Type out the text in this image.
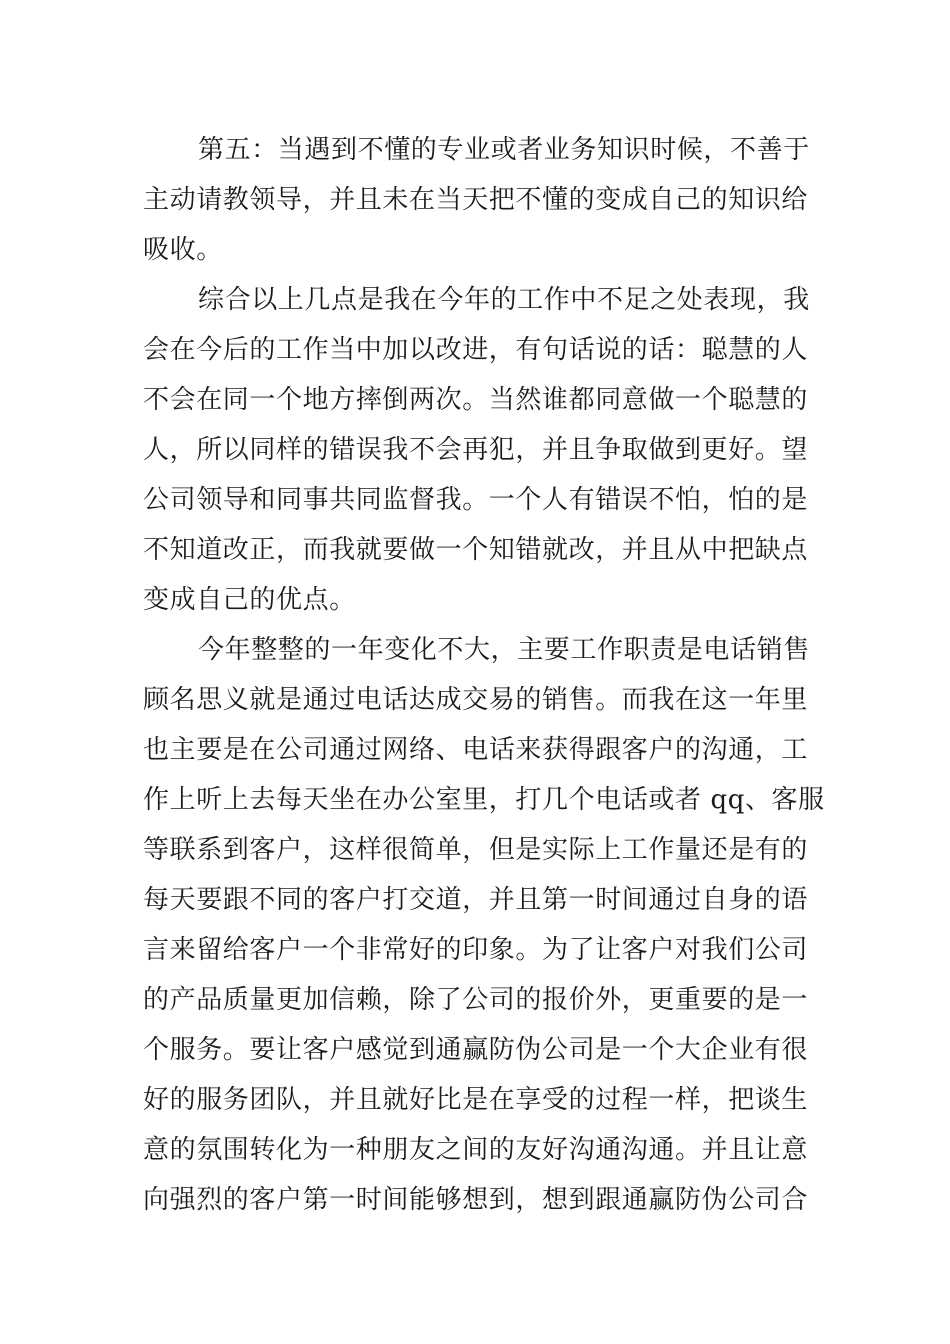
第五：当遇到不懂的专业或者业务知识时候，不善于
主动请教领导，并且未在当天把不懂的变成自己的知识给
吸收。
综合以上几点是我在今年的工作中不足之处表现，我
会在今后的工作当中加以改进，有句话说的话：聪慧的人
不会在同一个地方摔倒两次。当然谁都同意做一个聪慧的
人，所以同样的错误我不会再犯，并且争取做到更好。望
公司领导和同事共同监督我。一个人有错误不怕，怕的是
不知道改正，而我就要做一个知错就改，并且从中把缺点
变成自己的优点。
今年整整的一年变化不大，主要工作职责是电话销售
顾名思义就是通过电话达成交易的销售。而我在这一年里
也主要是在公司通过网络、电话来获得跟客户的沟通，工
作上听上去每天坐在办公室里，打几个电话或者 qq、客服
等联系到客户，这样很简单，但是实际上工作量还是有的
每天要跟不同的客户打交道，并且第一时间通过自身的语
言来留给客户一个非常好的印象。为了让客户对我们公司
的产品质量更加信赖，除了公司的报价外，更重要的是一
个服务。要让客户感觉到通赢防伪公司是一个大企业有很
好的服务团队，并且就好比是在享受的过程一样，把谈生
意的氛围转化为一种朋友之间的友好沟通沟通。并且让意
向强烈的客户第一时间能够想到，想到跟通赢防伪公司合
